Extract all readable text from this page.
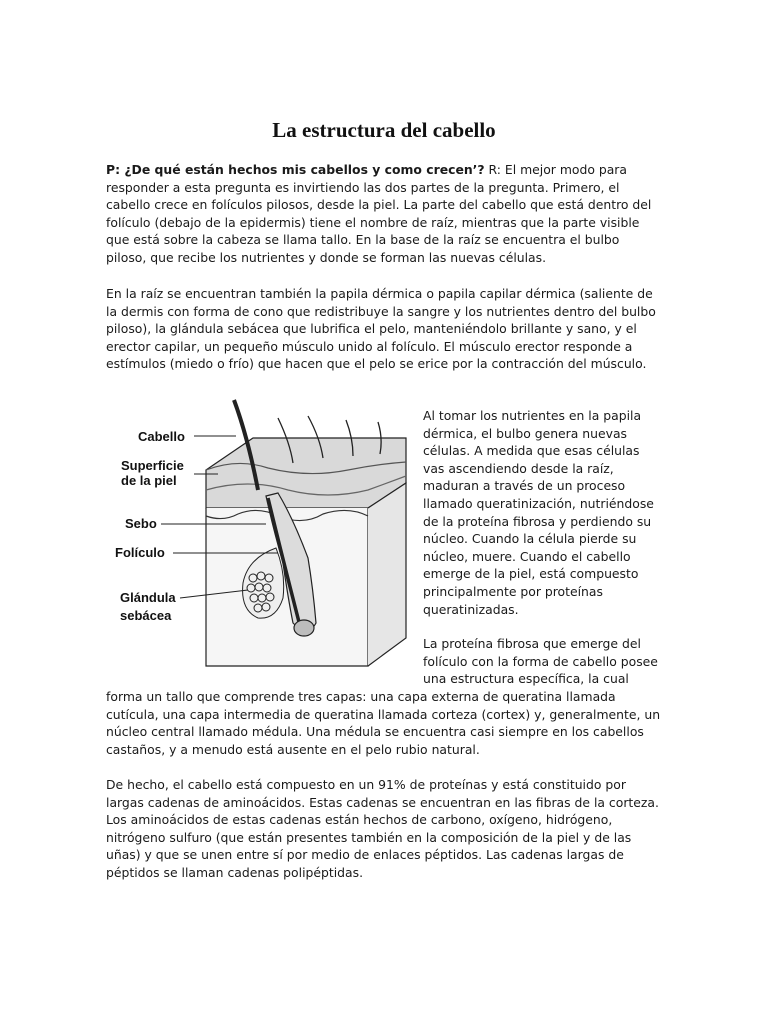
La estructura del cabello

P: ¿De qué están hechos mis cabellos y como crecen’? R: El mejor modo para responder a esta pregunta es invirtiendo las dos partes de la pregunta. Primero, el cabello crece en folículos pilosos, desde la piel. La parte del cabello que está dentro del folículo (debajo de la epidermis) tiene el nombre de raíz, mientras que la parte visible que está sobre la cabeza se llama tallo. En la base de la raíz se encuentra el bulbo piloso, que recibe los nutrientes y donde se forman las nuevas células.

En la raíz se encuentran también la papila dérmica o papila capilar dérmica (saliente de la dermis con forma de cono que redistribuye la sangre y los nutrientes dentro del bulbo piloso), la glándula sebácea que lubrifica el pelo, manteniéndolo brillante y sano, y el erector capilar, un pequeño músculo unido al folículo. El músculo erector responde a estímulos (miedo o frío) que hacen que el pelo se erice por la contracción del músculo.

Cabello
Superficie
de la piel
Sebo
Folículo
Glándula
sebácea

Al tomar los nutrientes en la papila dérmica, el bulbo genera nuevas células. A medida que esas células vas ascendiendo desde la raíz, maduran a través de un proceso llamado queratinización, nutriéndose de la proteína fibrosa y perdiendo su núcleo. Cuando la célula pierde su núcleo, muere. Cuando el cabello emerge de la piel, está compuesto principalmente por proteínas queratinizadas.

La proteína fibrosa que emerge del folículo con la forma de cabello posee una estructura específica, la cual

forma un tallo que comprende tres capas: una capa externa de queratina llamada cutícula, una capa intermedia de queratina llamada corteza (cortex) y, generalmente, un núcleo central llamado médula. Una médula se encuentra casi siempre en los cabellos castaños, y a menudo está ausente en el pelo rubio natural.

De hecho, el cabello está compuesto en un 91% de proteínas y está constituido por largas cadenas de aminoácidos. Estas cadenas se encuentran en las fibras de la corteza. Los aminoácidos de estas cadenas están hechos de carbono, oxígeno, hidrógeno, nitrógeno sulfuro (que están presentes también en la composición de la piel y de las uñas) y que se unen entre sí por medio de enlaces péptidos. Las cadenas largas de péptidos se llaman cadenas polipéptidas.
